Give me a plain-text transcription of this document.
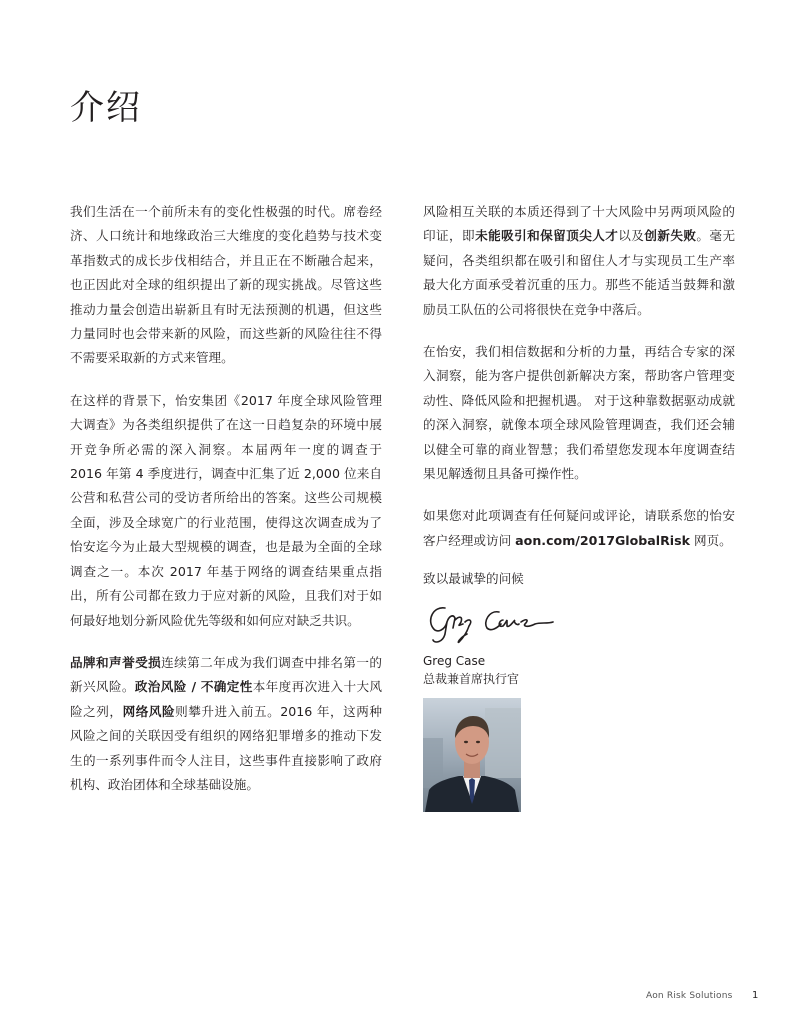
介绍

我们生活在一个前所未有的变化性极强的时代。席卷经济、人口统计和地缘政治三大维度的变化趋势与技术变革指数式的成长步伐相结合，并且正在不断融合起来，也正因此对全球的组织提出了新的现实挑战。尽管这些推动力量会创造出崭新且有时无法预测的机遇，但这些力量同时也会带来新的风险，而这些新的风险往往不得不需要采取新的方式来管理。

在这样的背景下，怡安集团《2017 年度全球风险管理大调查》为各类组织提供了在这一日趋复杂的环境中展开竞争所必需的深入洞察。本届两年一度的调查于 2016 年第 4 季度进行，调查中汇集了近 2,000 位来自公营和私营公司的受访者所给出的答案。这些公司规模全面，涉及全球宽广的行业范围，使得这次调查成为了怡安迄今为止最大型规模的调查，也是最为全面的全球调查之一。本次 2017 年基于网络的调查结果重点指出，所有公司都在致力于应对新的风险，且我们对于如何最好地划分新风险优先等级和如何应对缺乏共识。

品牌和声誉受损连续第二年成为我们调查中排名第一的新兴风险。政治风险 / 不确定性本年度再次进入十大风险之列，网络风险则攀升进入前五。2016 年，这两种风险之间的关联因受有组织的网络犯罪增多的推动下发生的一系列事件而令人注目，这些事件直接影响了政府机构、政治团体和全球基础设施。

风险相互关联的本质还得到了十大风险中另两项风险的印证，即未能吸引和保留顶尖人才以及创新失败。毫无疑问，各类组织都在吸引和留住人才与实现员工生产率最大化方面承受着沉重的压力。那些不能适当鼓舞和激励员工队伍的公司将很快在竞争中落后。

在怡安，我们相信数据和分析的力量，再结合专家的深入洞察，能为客户提供创新解决方案，帮助客户管理变动性、降低风险和把握机遇。 对于这种靠数据驱动成就的深入洞察，就像本项全球风险管理调查，我们还会辅以健全可靠的商业智慧；我们希望您发现本年度调查结果见解透彻且具备可操作性。

如果您对此项调查有任何疑问或评论，请联系您的怡安客户经理或访问 aon.com/2017GlobalRisk 网页。

致以最诚挚的问候

Greg Case
总裁兼首席执行官
Aon Risk Solutions 1
